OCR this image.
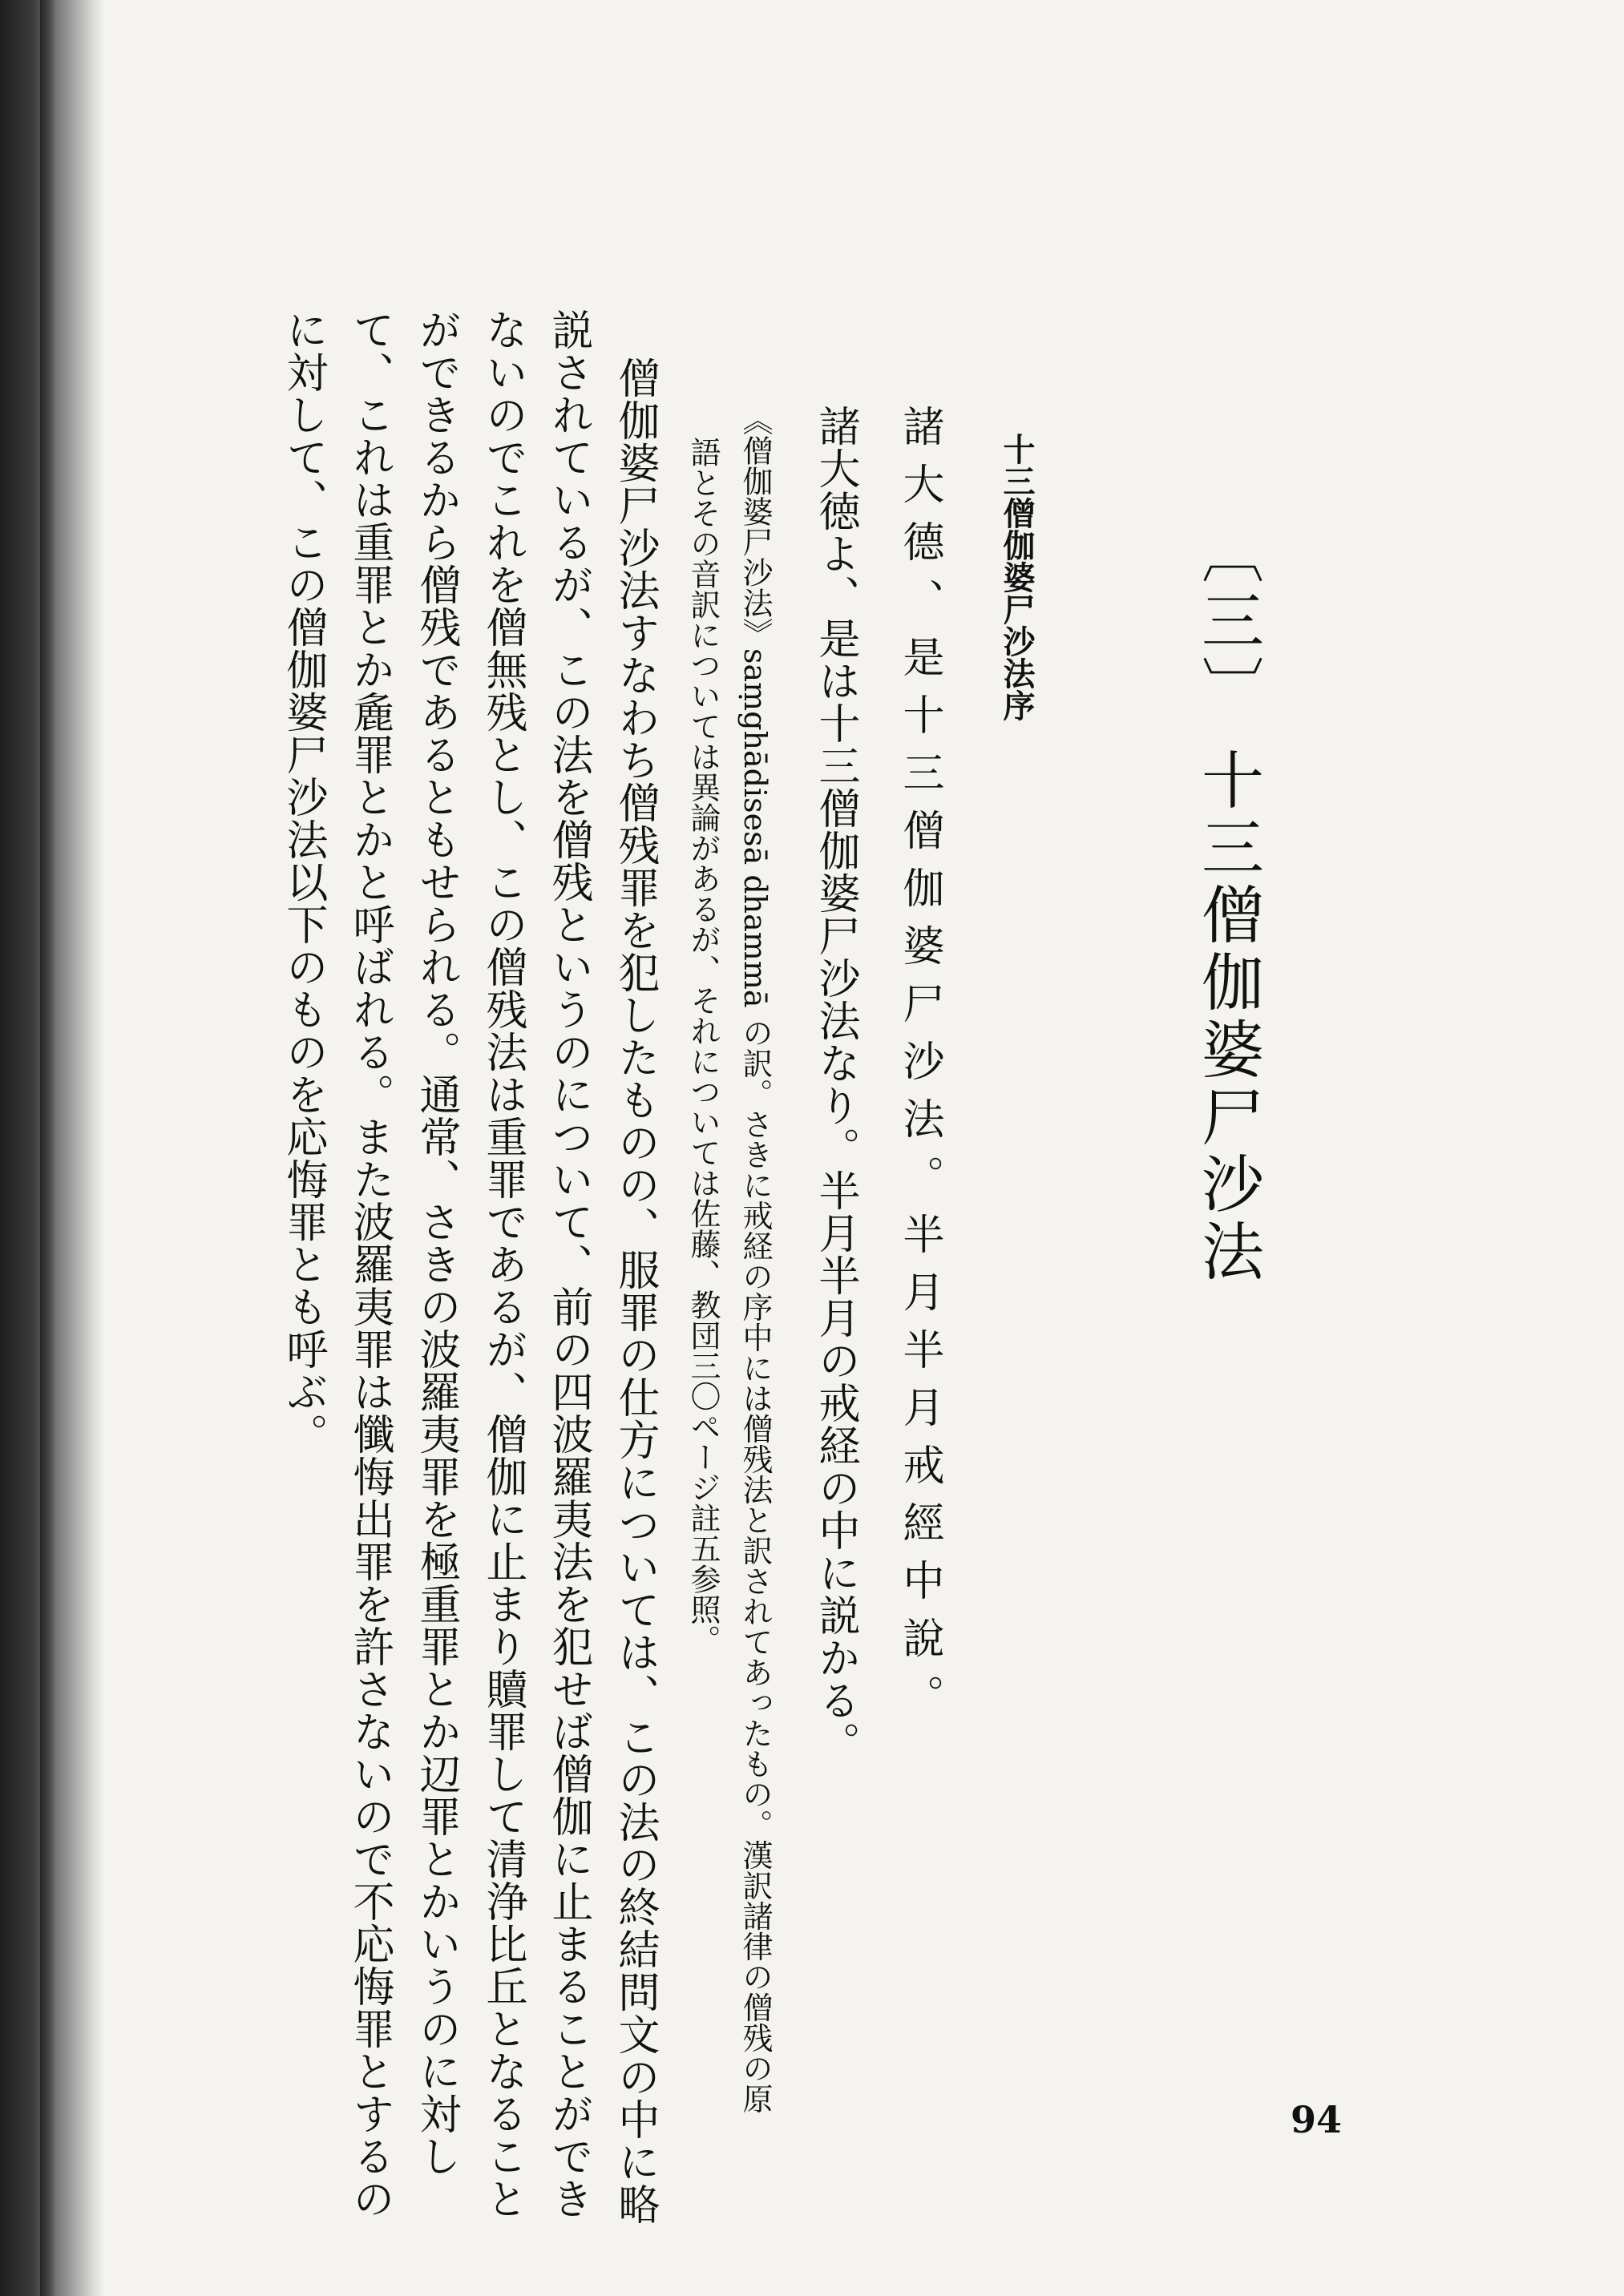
〔三〕 十三僧伽婆尸沙法
十三僧伽婆尸沙法序

諸大德、是十三僧伽婆尸沙法。半月半月戒經中說。

諸大徳よ、是は十三僧伽婆尸沙法なり。半月半月の戒経の中に説かる。

《僧伽婆尸沙法》saṃghādisesā dhammā の訳。さきに戒経の序中には僧残法と訳されてあったもの。漢訳諸律の僧残の原

語とその音訳については異論があるが、それについては佐藤、教団三〇ページ註五参照。

僧伽婆尸沙法すなわち僧残罪を犯したものの、服罪の仕方については、この法の終結問文の中に略

説されているが、この法を僧残というのについて、前の四波羅夷法を犯せば僧伽に止まることができ

ないのでこれを僧無残とし、この僧残法は重罪であるが、僧伽に止まり贖罪して清浄比丘となること

ができるから僧残であるともせられる。通常、さきの波羅夷罪を極重罪とか辺罪とかいうのに対し

て、これは重罪とか麁罪とかと呼ばれる。また波羅夷罪は懺悔出罪を許さないので不応悔罪とするの

に対して、この僧伽婆尸沙法以下のものを応悔罪とも呼ぶ。

94
